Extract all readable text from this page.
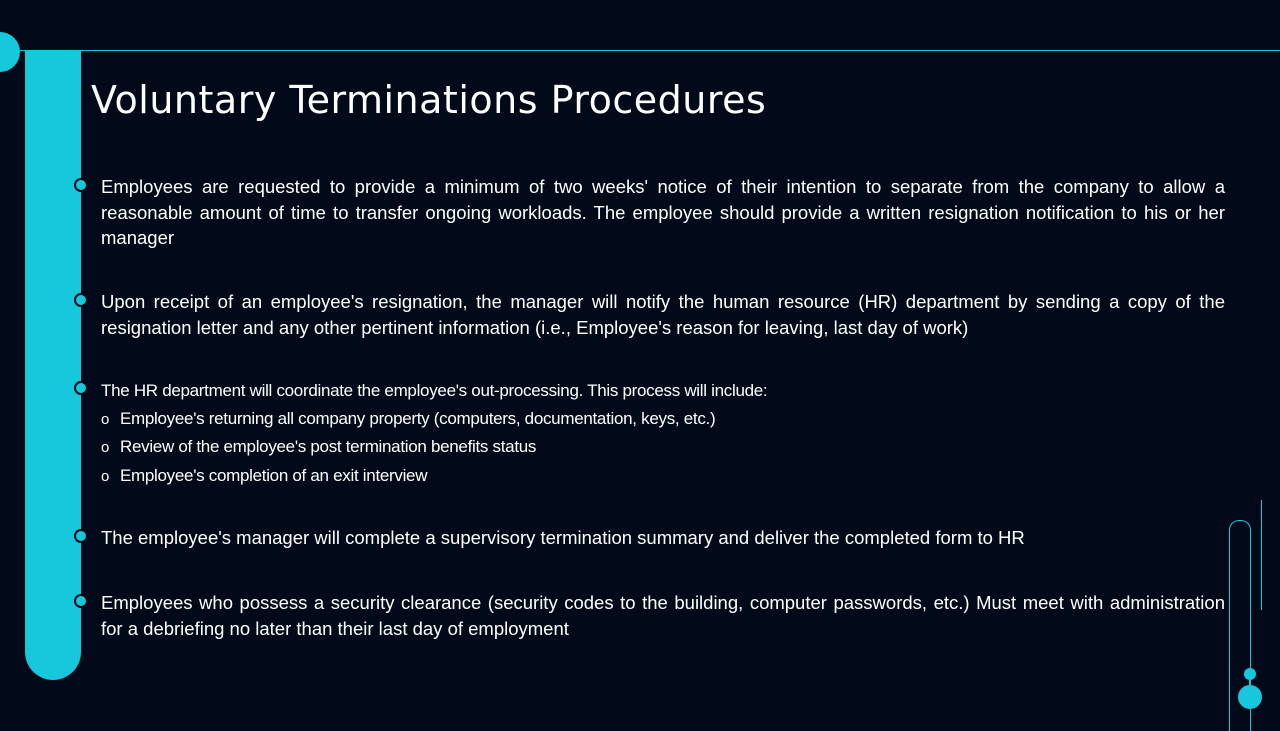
Voluntary Terminations Procedures

Employees are requested to provide a minimum of two weeks' notice of their intention to separate from the company to allow a reasonable amount of time to transfer ongoing workloads. The employee should provide a written resignation notification to his or her manager

Upon receipt of an employee's resignation, the manager will notify the human resource (HR) department by sending a copy of the resignation letter and any other pertinent information (i.e., Employee's reason for leaving, last day of work)

The HR department will coordinate the employee's out-processing. This process will include:

o Employee's returning all company property (computers, documentation, keys, etc.)
o Review of the employee's post termination benefits status
o Employee's completion of an exit interview

The employee's manager will complete a supervisory termination summary and deliver the completed form to HR

Employees who possess a security clearance (security codes to the building, computer passwords, etc.) Must meet with administration for a debriefing no later than their last day of employment
